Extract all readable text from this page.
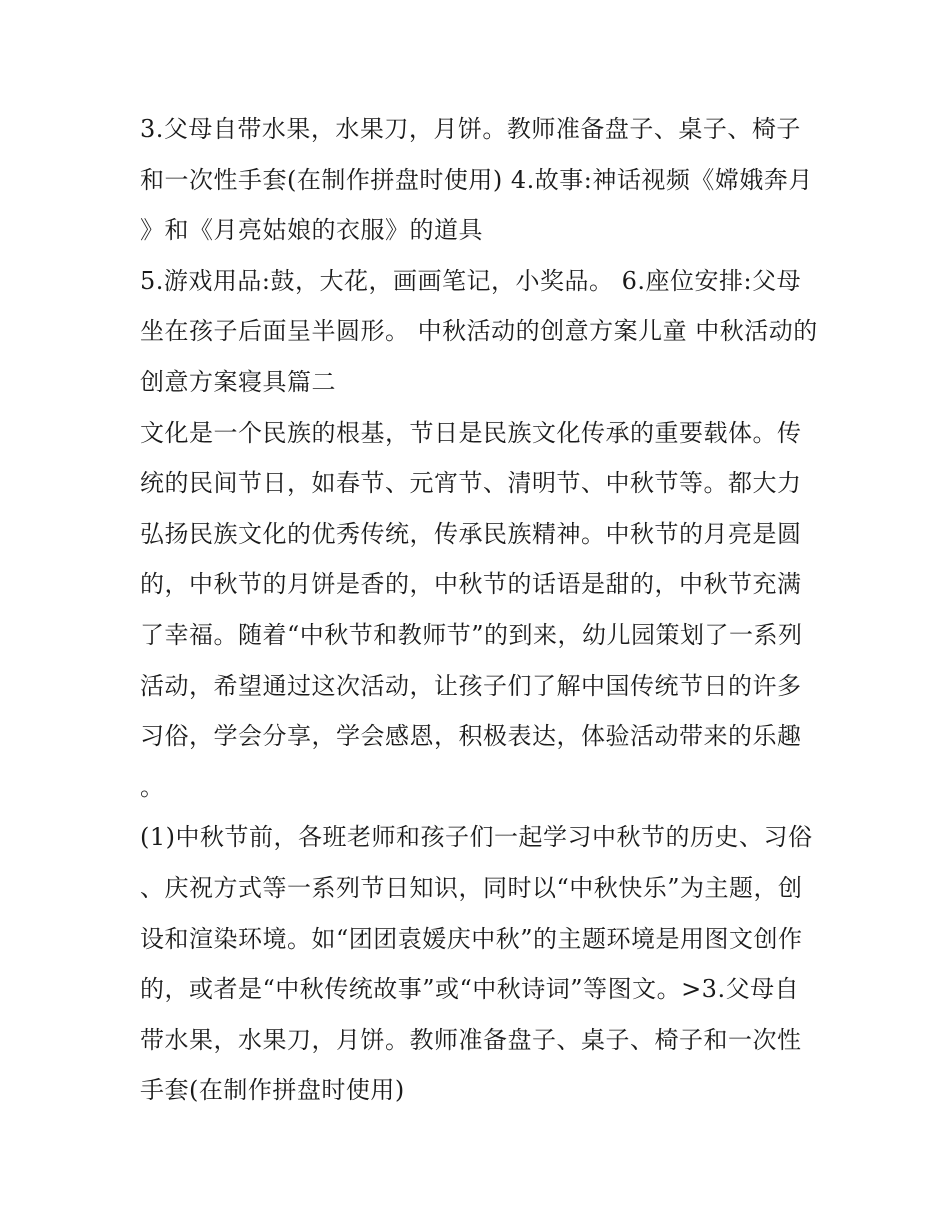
3.父母自带水果，水果刀，月饼。教师准备盘子、桌子、椅子和一次性手套(在制作拼盘时使用) 4.故事:神话视频《嫦娥奔月》和《月亮姑娘的衣服》的道具

5.游戏用品:鼓，大花，画画笔记，小奖品。 6.座位安排:父母坐在孩子后面呈半圆形。 中秋活动的创意方案儿童 中秋活动的创意方案寝具篇二

文化是一个民族的根基，节日是民族文化传承的重要载体。传统的民间节日，如春节、元宵节、清明节、中秋节等。都大力弘扬民族文化的优秀传统，传承民族精神。中秋节的月亮是圆的，中秋节的月饼是香的，中秋节的话语是甜的，中秋节充满了幸福。随着“中秋节和教师节”的到来，幼儿园策划了一系列活动，希望通过这次活动，让孩子们了解中国传统节日的许多习俗，学会分享，学会感恩，积极表达，体验活动带来的乐趣。

(1)中秋节前，各班老师和孩子们一起学习中秋节的历史、习俗、庆祝方式等一系列节日知识，同时以“中秋快乐”为主题，创设和渲染环境。如“团团袁媛庆中秋”的主题环境是用图文创作的，或者是“中秋传统故事”或“中秋诗词”等图文。>3.父母自带水果，水果刀，月饼。教师准备盘子、桌子、椅子和一次性手套(在制作拼盘时使用)
